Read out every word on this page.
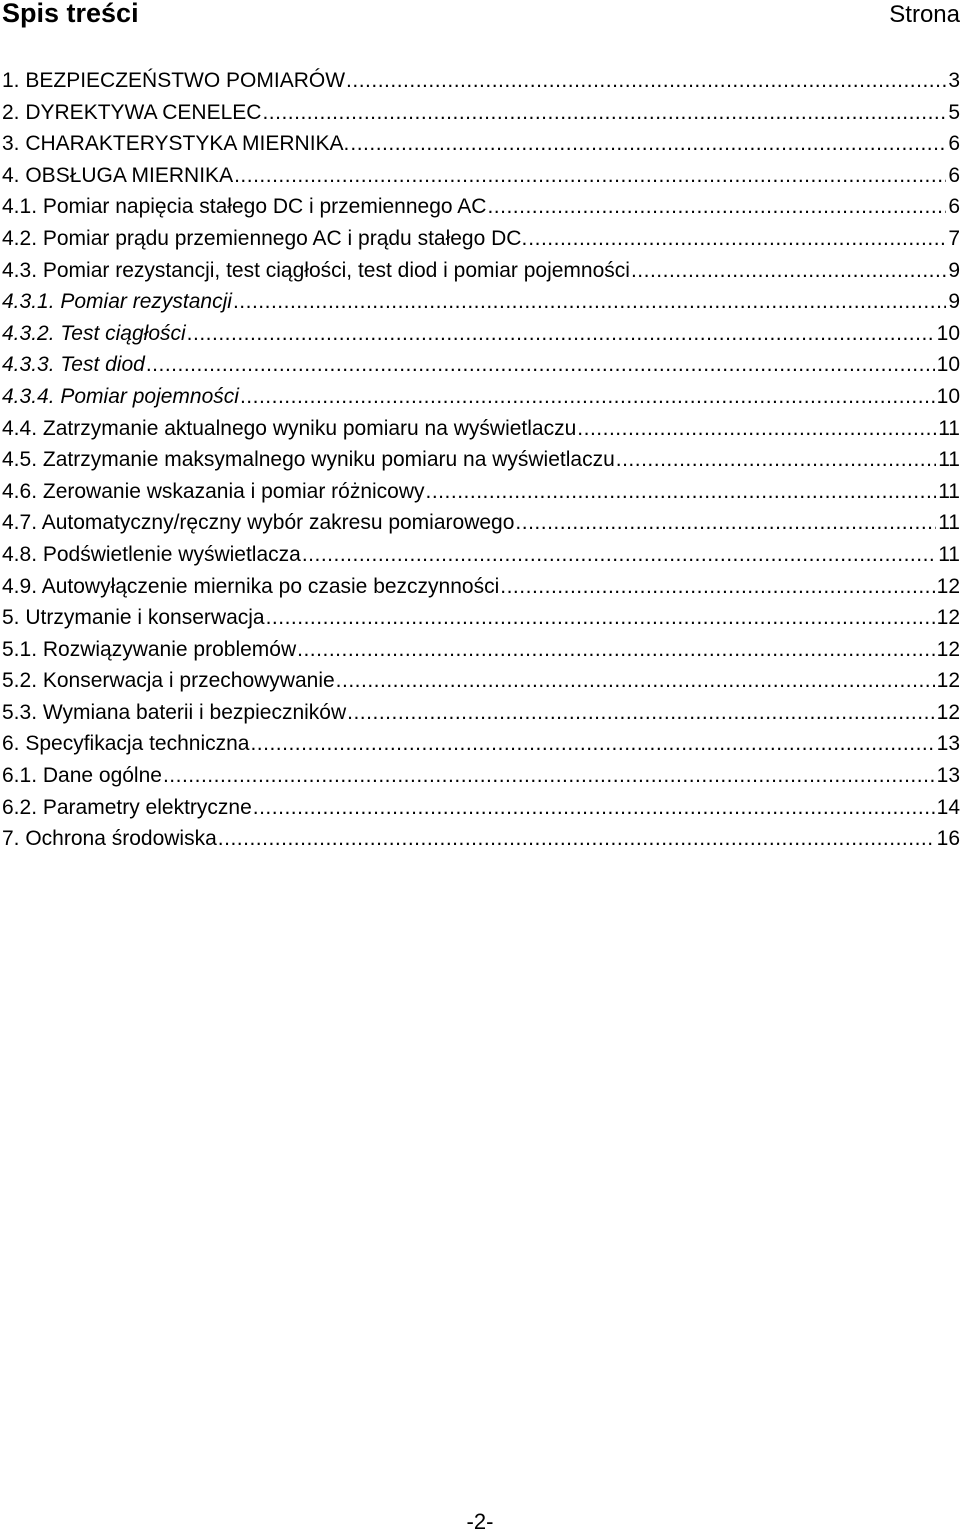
Spis treści	Strona
1. BEZPIECZEŃSTWO POMIARÓW .....	3
2. DYREKTYWA CENELEC .....	5
3. CHARAKTERYSTYKA MIERNIKA. .....	6
4. OBSŁUGA MIERNIKA .....	6
4.1. Pomiar napięcia stałego DC i przemiennego AC .....	6
4.2. Pomiar prądu przemiennego AC i prądu stałego DC. .....	7
4.3. Pomiar rezystancji, test ciągłości, test diod i pomiar pojemności .....	9
4.3.1. Pomiar rezystancji .....	9
4.3.2. Test ciągłości .....	10
4.3.3. Test diod .....	10
4.3.4. Pomiar pojemności .....	10
4.4. Zatrzymanie aktualnego wyniku pomiaru na wyświetlaczu .....	11
4.5. Zatrzymanie maksymalnego wyniku pomiaru na wyświetlaczu .....	11
4.6. Zerowanie wskazania i pomiar różnicowy .....	11
4.7. Automatyczny/ręczny wybór zakresu pomiarowego .....	11
4.8. Podświetlenie wyświetlacza .....	11
4.9. Autowyłączenie miernika po czasie bezczynności .....	12
5. Utrzymanie i konserwacja .....	12
5.1. Rozwiązywanie problemów .....	12
5.2. Konserwacja i przechowywanie .....	12
5.3. Wymiana baterii i bezpieczników .....	12
6. Specyfikacja techniczna .....	13
6.1. Dane ogólne .....	13
6.2. Parametry elektryczne .....	14
7. Ochrona środowiska .....	16
-2-
